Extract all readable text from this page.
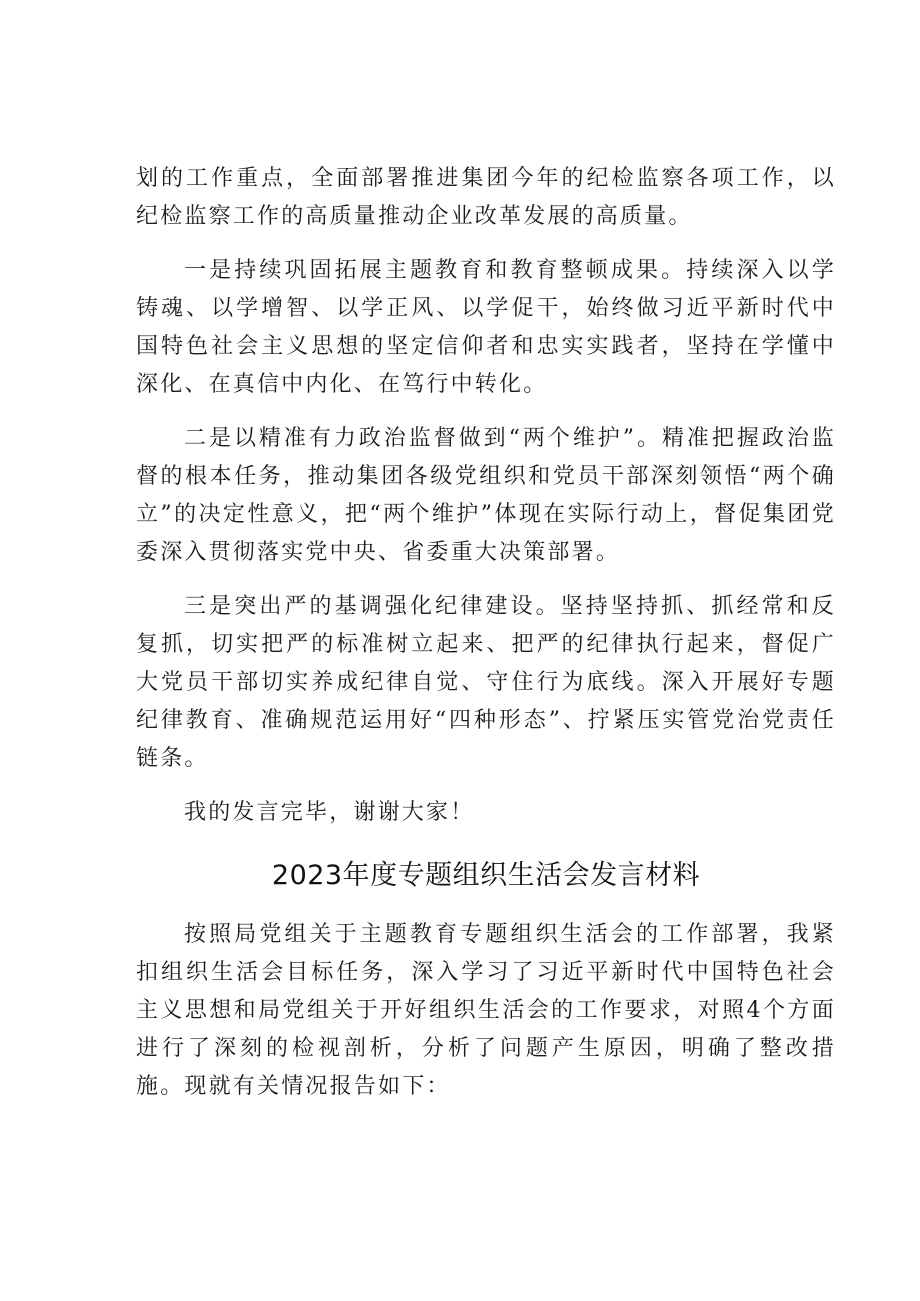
划的工作重点，全面部署推进集团今年的纪检监察各项工作，以纪检监察工作的高质量推动企业改革发展的高质量。

一是持续巩固拓展主题教育和教育整顿成果。持续深入以学铸魂、以学增智、以学正风、以学促干，始终做习近平新时代中国特色社会主义思想的坚定信仰者和忠实实践者，坚持在学懂中深化、在真信中内化、在笃行中转化。

二是以精准有力政治监督做到“两个维护”。精准把握政治监督的根本任务，推动集团各级党组织和党员干部深刻领悟“两个确立”的决定性意义，把“两个维护”体现在实际行动上，督促集团党委深入贯彻落实党中央、省委重大决策部署。

三是突出严的基调强化纪律建设。坚持坚持抓、抓经常和反复抓，切实把严的标准树立起来、把严的纪律执行起来，督促广大党员干部切实养成纪律自觉、守住行为底线。深入开展好专题纪律教育、准确规范运用好“四种形态”、拧紧压实管党治党责任链条。

我的发言完毕，谢谢大家！

2023年度专题组织生活会发言材料

按照局党组关于主题教育专题组织生活会的工作部署，我紧扣组织生活会目标任务，深入学习了习近平新时代中国特色社会主义思想和局党组关于开好组织生活会的工作要求，对照4个方面进行了深刻的检视剖析，分析了问题产生原因，明确了整改措施。现就有关情况报告如下：
